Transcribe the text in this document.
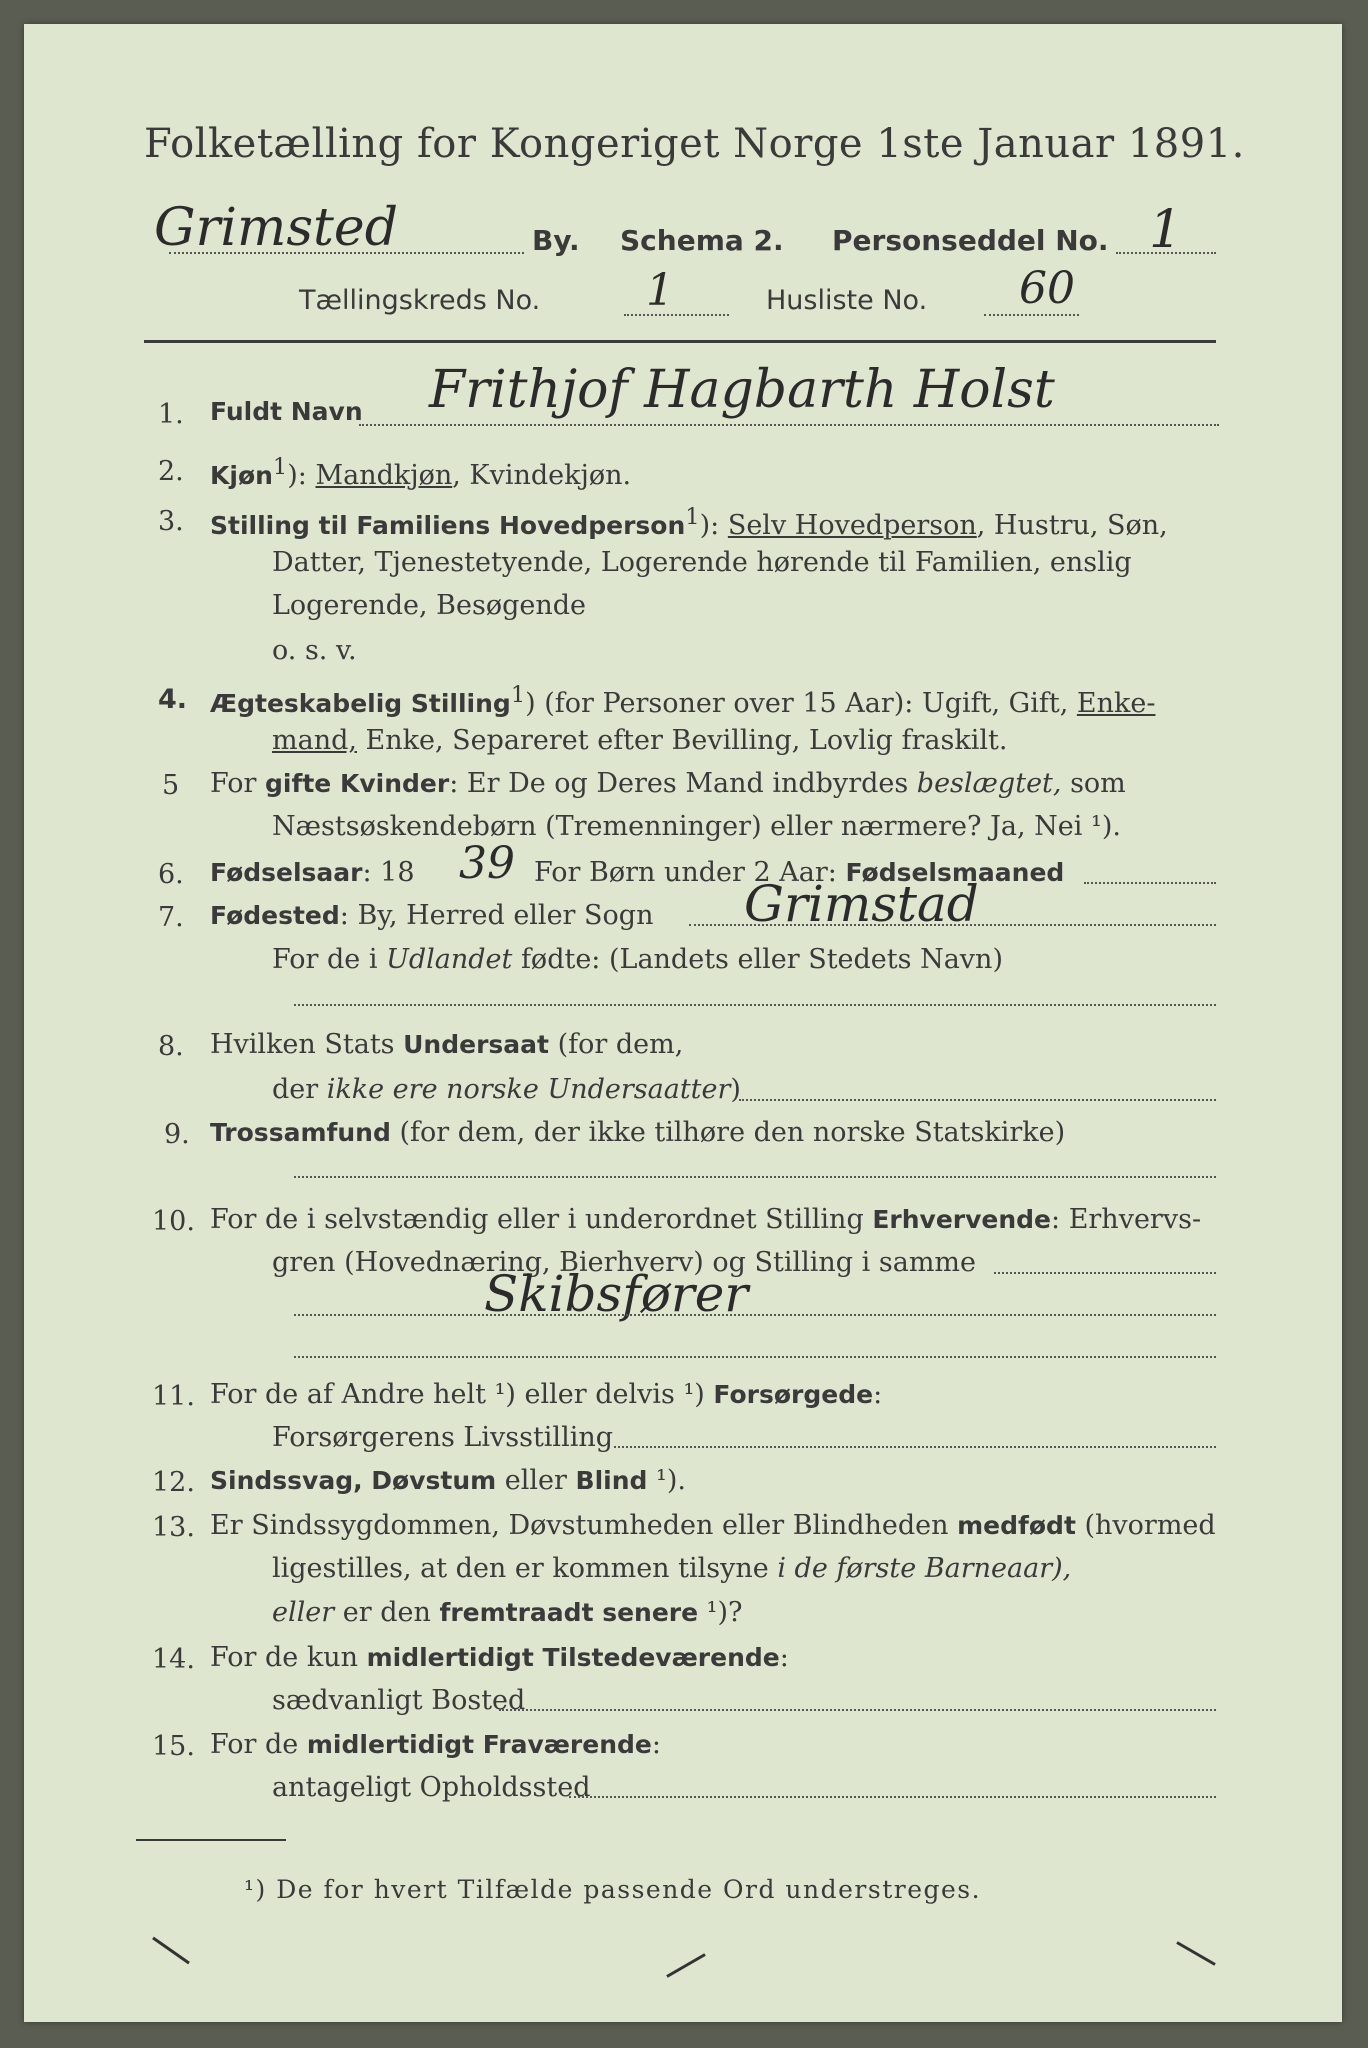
Folketælling for Kongeriget Norge 1ste Januar 1891.
Grimsted	By. Schema 2. Personseddel No. 1
Tællingskreds No. 1	Husliste No. 60
1. Fuldt Navn Frithjof Hagbarth Holst
2. Kjøn$^1$): Mandkjøn, Kvindekjøn.
3. Stilling til Familiens Hovedperson$^1$): Selv Hovedperson, Hustru, Søn,
Datter, Tjenestetyende, Logerende hørende til Familien, enslig
Logerende, Besøgende
o. s. v.
4. Ægteskabelig Stilling$^1$) (for Personer over 15 Aar): Ugift, Gift, Enke-
mand, Enke, Separeret efter Bevilling, Lovlig fraskilt.
5 For gifte Kvinder: Er De og Deres Mand indbyrdes beslægtet, som
Næstsøskendebørn (Tremenninger) eller nærmere? Ja, Nei ¹).
6. Fødselsaar: 18 39 For Børn under 2 Aar: Fødselsmaaned
7. Fødested: By, Herred eller Sogn Grimstad
For de i Udlandet fødte: (Landets eller Stedets Navn)
8. Hvilken Stats Undersaat (for dem,
der ikke ere norske Undersaatter)
9. Trossamfund (for dem, der ikke tilhøre den norske Statskirke)
10. For de i selvstændig eller i underordnet Stilling Erhvervende: Erhvervs-
gren (Hovednæring, Bierhverv) og Stilling i samme
Skibsfører
11. For de af Andre helt ¹) eller delvis ¹) Forsørgede:
Forsørgerens Livsstilling
12. Sindssvag, Døvstum eller Blind ¹).
13. Er Sindssygdommen, Døvstumheden eller Blindheden medfødt (hvormed
ligestilles, at den er kommen tilsyne i de første Barneaar),
eller er den fremtraadt senere ¹)?
14. For de kun midlertidigt Tilstedeværende:
sædvanligt Bosted
15. For de midlertidigt Fraværende:
antageligt Opholdssted
¹) De for hvert Tilfælde passende Ord understreges.
